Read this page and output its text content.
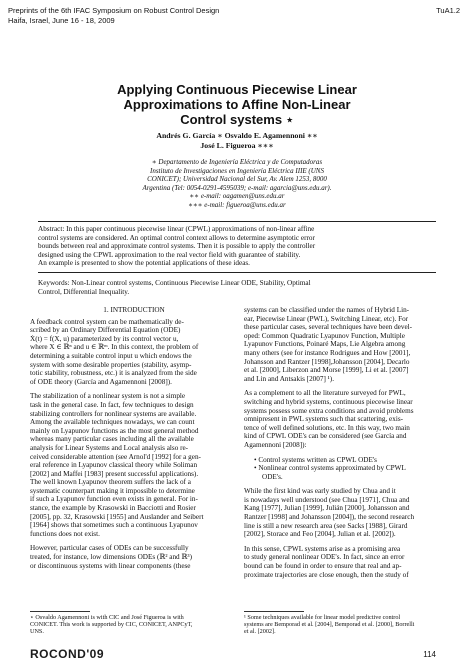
Preprints of the 6th IFAC Symposium on Robust Control Design
Haifa, Israel, June 16 - 18, 2009
TuA1.2
Applying Continuous Piecewise Linear
Approximations to Affine Non-Linear
Control systems ⋆
Andrés G. García ∗ Osvaldo E. Agamennoni ∗∗
José L. Figueroa ∗∗∗
∗ Departamento de Ingeniería Eléctrica y de Computadoras
Instituto de Investigaciones en Ingeniería Eléctrica IIIE (UNS
CONICET); Universidad Nacional del Sur, Av. Alem 1253, 8000
Argentina (Tel: 0054-0291-4595039; e-mail: agarcia@uns.edu.ar).
∗∗ e-mail: oagamen@uns.edu.ar
∗∗∗ e-mail: figueroa@uns.edu.ar
Abstract: In this paper continuous piecewise linear (CPWL) approximations of non-linear affine
control systems are considered. An optimal control context allows to determine asymptotic error
bounds between real and approximate control systems. Then it is possible to apply the controller
designed using the CPWL approximation to the real vector field with guarantee of stability.
An example is presented to show the potential applications of these ideas.
Keywords: Non-Linear control systems, Continuous Piecewise Linear ODE, Stability, Optimal
Control, Differential Inequality.
1. INTRODUCTION
A feedback control system can be mathematically de-
scribed by an Ordinary Differential Equation (ODE)
Ẋ(t) = f(X, u) parameterized by its control vector u,
where X ∈ ℝⁿ and u ∈ ℝᵐ. In this context, the problem of
determining a suitable control input u which endows the
system with some desirable properties (stability, asymp-
totic stability, robustness, etc.) it is analyzed from the side
of ODE theory (García and Agamennoni [2008]).
The stabilization of a nonlinear system is not a simple
task in the general case. In fact, few techniques to design
stabilizing controllers for nonlinear systems are available.
Among the available techniques nowadays, we can count
mainly on Lyapunov functions as the most general method
whereas many particular cases including all the available
analysis for Linear Systems and Local analysis also re-
ceived considerable attention (see Arnol'd [1992] for a gen-
eral reference in Lyapunov classical theory while Soliman
[2002] and Maffei [1983] present successful applications).
The well known Lyapunov theorem suffers the lack of a
systematic counterpart making it impossible to determine
if such a Lyapunov function even exists in general. For in-
stance, the example by Krasowski in Bacciotti and Rosier
[2005], pp. 32, Krasowski [1955] and Auslander and Seibert
[1964] shows that sometimes such a continuous Lyapunov
functions does not exist.
However, particular cases of ODEs can be successfully
treated, for instance, low dimensions ODEs (ℝ² and ℝ³)
or discontinuous systems with linear components (these
⋆ Osvaldo Agamennoni is with CIC and José Figueroa is with
CONICET. This work is supported by CIC, CONICET, ANPCyT,
UNS.
systems can be classified under the names of Hybrid Lin-
ear, Piecewise Linear (PWL), Switching Linear, etc). For
these particular cases, several techniques have been devel-
oped: Common Quadratic Lyapunov Function, Multiple
Lyapunov Functions, Poinaré Maps, Lie Algebra among
many others (see for instance Rodrigues and How [2001],
Johansson and Rantzer [1998],Johansson [2004], Decarlo
et al. [2000], Liberzon and Morse [1999], Li et al. [2007]
and Lin and Antsakis [2007] ¹).
As a complement to all the literature surveyed for PWL,
switching and hybrid systems, continuous piecewise linear
systems possess some extra conditions and avoid problems
omnipresent in PWL systems such that scattering, exis-
tence of well defined solutions, etc. In this way, two main
kind of CPWL ODE's can be considered (see García and
Agamennoni [2008]):
• Control systems written as CPWL ODE's
• Nonlinear control systems approximated by CPWL
ODE's.
While the first kind was early studied by Chua and it
is nowadays well understood (see Chua [1971], Chua and
Kang [1977], Julian [1999], Julián [2000], Johansson and
Rantzer [1998] and Johansson [2004]), the second research
line is still a new research area (see Sacks [1988], Girard
[2002], Storace and Feo [2004], Julian et al. [2002]).
In this sense, CPWL systems arise as a promising area
to study general nonlinear ODE's. In fact, since an error
bound can be found in order to ensure that real and ap-
proximate trajectories are close enough, then the study of
¹ Some techniques available for linear model predictive control
systems are Bemporad et al. [2004], Bemporad et al. [2000], Borrelli
et al. [2002].
ROCOND'09	114
